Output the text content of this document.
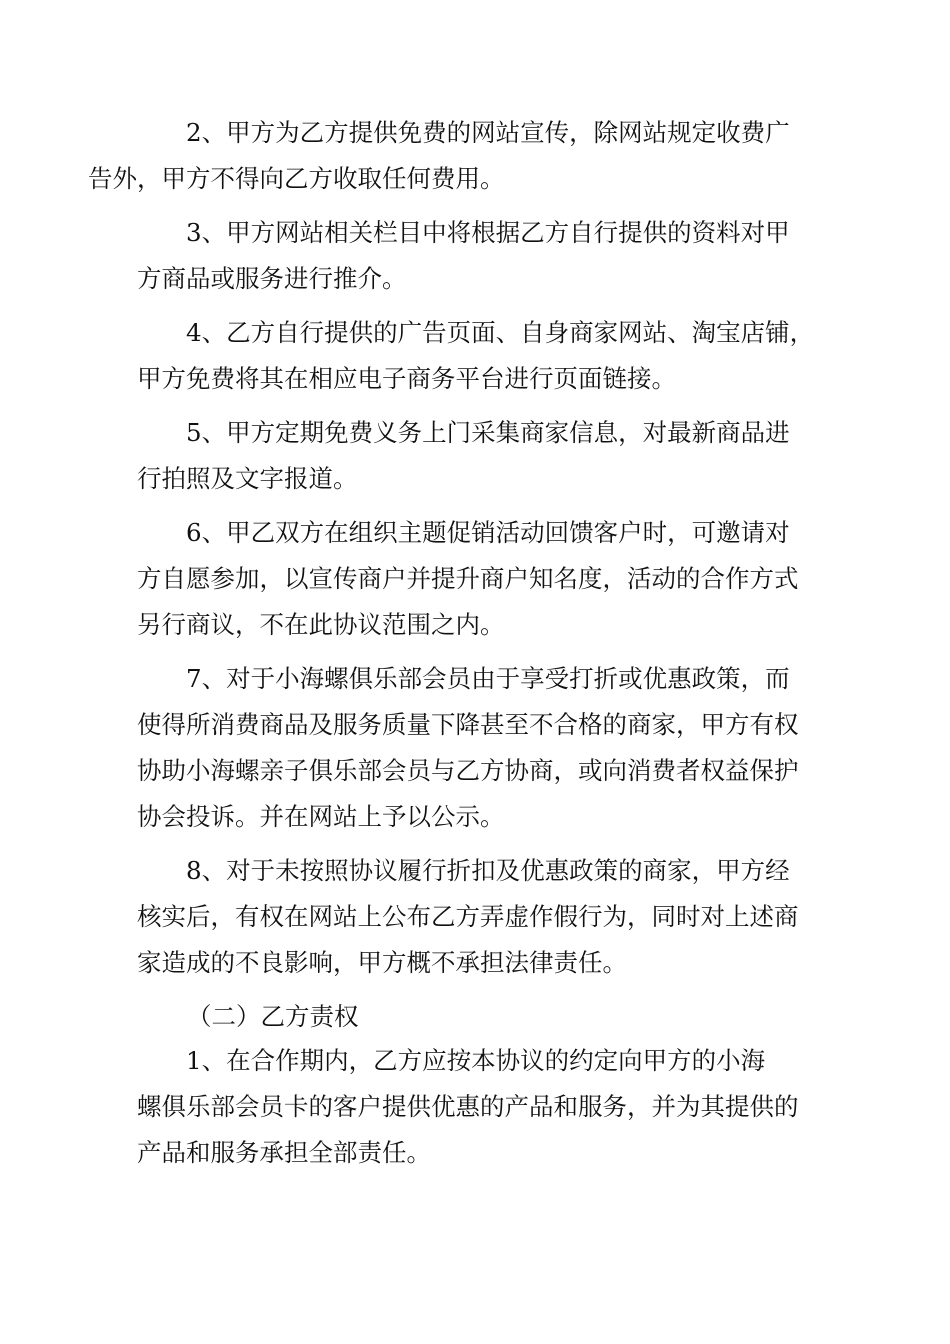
2、甲方为乙方提供免费的网站宣传，除网站规定收费广
告外，甲方不得向乙方收取任何费用。

3、甲方网站相关栏目中将根据乙方自行提供的资料对甲
方商品或服务进行推介。

4、乙方自行提供的广告页面、自身商家网站、淘宝店铺，
甲方免费将其在相应电子商务平台进行页面链接。

5、甲方定期免费义务上门采集商家信息，对最新商品进
行拍照及文字报道。

6、甲乙双方在组织主题促销活动回馈客户时，可邀请对
方自愿参加，以宣传商户并提升商户知名度，活动的合作方式
另行商议，不在此协议范围之内。

7、对于小海螺俱乐部会员由于享受打折或优惠政策，而
使得所消费商品及服务质量下降甚至不合格的商家，甲方有权
协助小海螺亲子俱乐部会员与乙方协商，或向消费者权益保护
协会投诉。并在网站上予以公示。

8、对于未按照协议履行折扣及优惠政策的商家，甲方经
核实后，有权在网站上公布乙方弄虚作假行为，同时对上述商
家造成的不良影响，甲方概不承担法律责任。

（二）乙方责权

1、在合作期内，乙方应按本协议的约定向甲方的小海
螺俱乐部会员卡的客户提供优惠的产品和服务，并为其提供的
产品和服务承担全部责任。
